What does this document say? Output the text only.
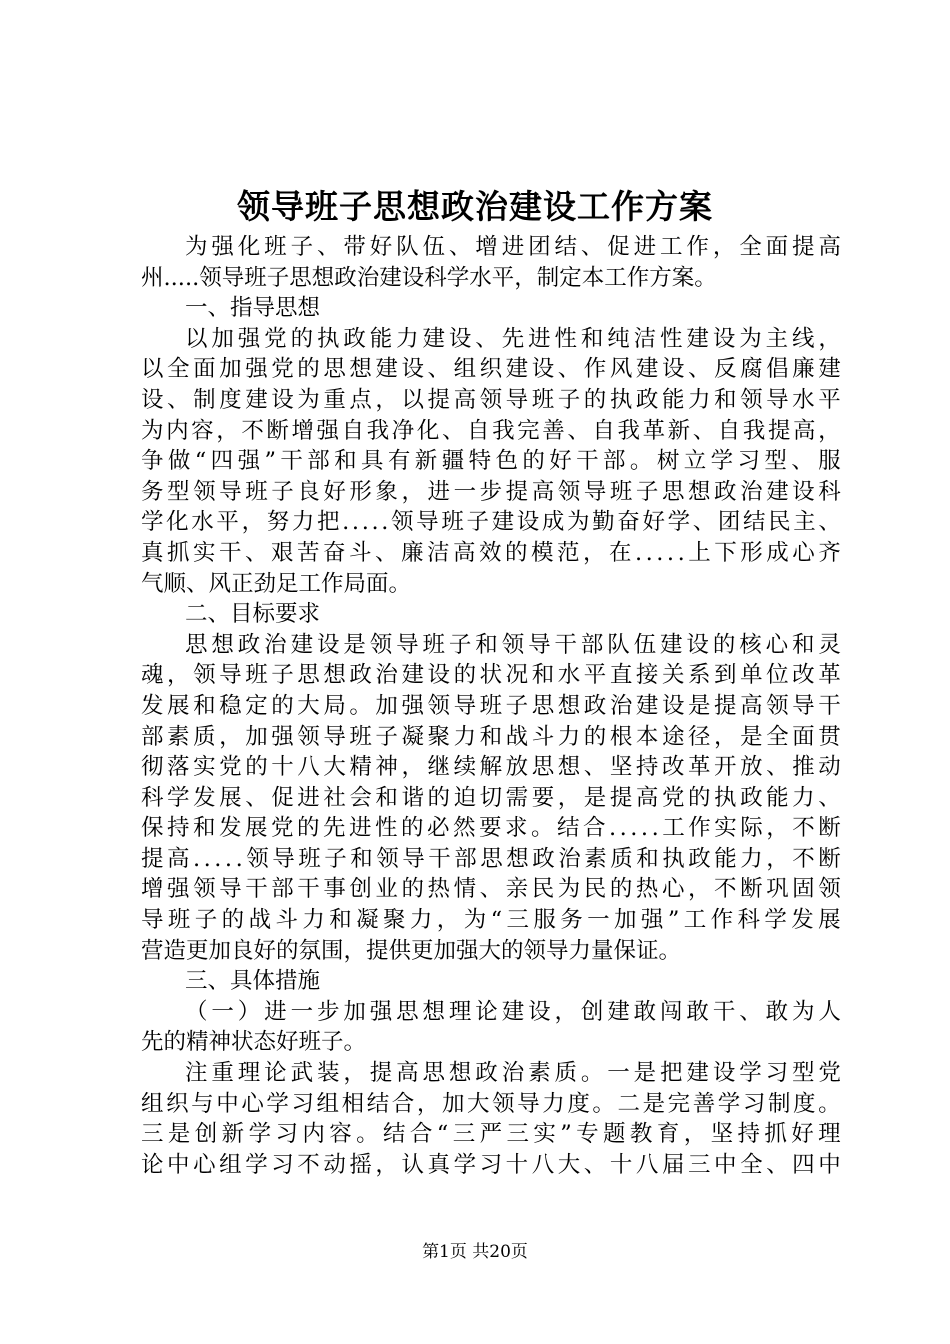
领导班子思想政治建设工作方案
为 强 化 班 子 、 带 好 队 伍 、 增 进 团 结 、 促 进 工 作 ， 全 面 提 高
州.....领导班子思想政治建设科学水平，制定本工作方案。
一、指导思想
以 加 强 党 的 执 政 能 力 建 设 、 先 进 性 和 纯 洁 性 建 设 为 主 线 ，
以 全 面 加 强 党 的 思 想 建 设 、 组 织 建 设 、 作 风 建 设 、 反 腐 倡 廉 建
设 、 制 度 建 设 为 重 点 ， 以 提 高 领 导 班 子 的 执 政 能 力 和 领 导 水 平
为 内 容 ， 不 断 增 强 自 我 净 化 、 自 我 完 善 、 自 我 革 新 、 自 我 提 高 ，
争 做 “ 四 强 ” 干 部 和 具 有 新 疆 特 色 的 好 干 部 。 树 立 学 习 型 、 服
务 型 领 导 班 子 良 好 形 象 ， 进 一 步 提 高 领 导 班 子 思 想 政 治 建 设 科
学 化 水 平 ， 努 力 把 . . . . . 领 导 班 子 建 设 成 为 勤 奋 好 学 、 团 结 民 主 、
真 抓 实 干 、 艰 苦 奋 斗 、 廉 洁 高 效 的 模 范 ， 在 . . . . . 上 下 形 成 心 齐
气顺、风正劲足工作局面。
二、目标要求
思 想 政 治 建 设 是 领 导 班 子 和 领 导 干 部 队 伍 建 设 的 核 心 和 灵
魂 ， 领 导 班 子 思 想 政 治 建 设 的 状 况 和 水 平 直 接 关 系 到 单 位 改 革
发 展 和 稳 定 的 大 局 。 加 强 领 导 班 子 思 想 政 治 建 设 是 提 高 领 导 干
部 素 质 ， 加 强 领 导 班 子 凝 聚 力 和 战 斗 力 的 根 本 途 径 ， 是 全 面 贯
彻 落 实 党 的 十 八 大 精 神 ， 继 续 解 放 思 想 、 坚 持 改 革 开 放 、 推 动
科 学 发 展 、 促 进 社 会 和 谐 的 迫 切 需 要 ， 是 提 高 党 的 执 政 能 力 、
保 持 和 发 展 党 的 先 进 性 的 必 然 要 求 。 结 合 . . . . . 工 作 实 际 ， 不 断
提 高 . . . . . 领 导 班 子 和 领 导 干 部 思 想 政 治 素 质 和 执 政 能 力 ， 不 断
增 强 领 导 干 部 干 事 创 业 的 热 情 、 亲 民 为 民 的 热 心 ， 不 断 巩 固 领
导 班 子 的 战 斗 力 和 凝 聚 力 ， 为 “ 三 服 务 一 加 强 ” 工 作 科 学 发 展
营造更加良好的氛围，提供更加强大的领导力量保证。
三、具体措施
（ 一 ） 进 一 步 加 强 思 想 理 论 建 设 ， 创 建 敢 闯 敢 干 、 敢 为 人
先的精神状态好班子。
注 重 理 论 武 装 ， 提 高 思 想 政 治 素 质 。 一 是 把 建 设 学 习 型 党
组 织 与 中 心 学 习 组 相 结 合 ， 加 大 领 导 力 度 。 二 是 完 善 学 习 制 度 。
三 是 创 新 学 习 内 容 。 结 合 “ 三 严 三 实 ” 专 题 教 育 ， 坚 持 抓 好 理
论 中 心 组 学 习 不 动 摇 ， 认 真 学 习 十 八 大 、 十 八 届 三 中 全 、 四 中
第1页 共20页
